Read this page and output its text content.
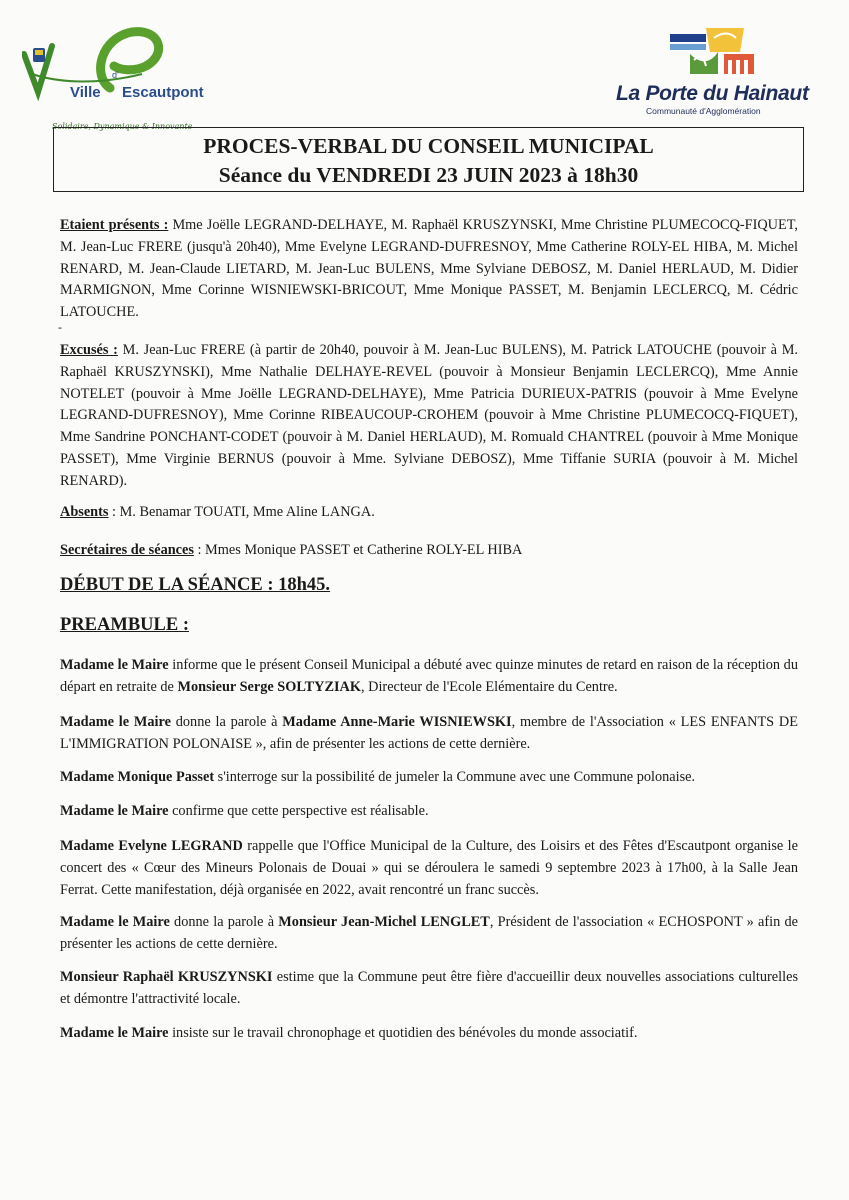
Ville
d'
Escautpont
Solidaire, Dynamique & Innovante
La Porte du Hainaut
Communauté d'Agglomération
PROCES-VERBAL DU CONSEIL MUNICIPAL
Séance du VENDREDI 23 JUIN 2023 à 18h30

Etaient présents : Mme Joëlle LEGRAND-DELHAYE, M. Raphaël KRUSZYNSKI, Mme Christine PLUMECOCQ-FIQUET, M. Jean-Luc FRERE (jusqu'à 20h40), Mme Evelyne LEGRAND-DUFRESNOY, Mme Catherine ROLY-EL HIBA, M. Michel RENARD, M. Jean-Claude LIETARD, M. Jean-Luc BULENS, Mme Sylviane DEBOSZ, M. Daniel HERLAUD, M. Didier MARMIGNON, Mme Corinne WISNIEWSKI-BRICOUT, Mme Monique PASSET, M. Benjamin LECLERCQ, M. Cédric LATOUCHE.

-

Excusés : M. Jean-Luc FRERE (à partir de 20h40, pouvoir à M. Jean-Luc BULENS), M. Patrick LATOUCHE (pouvoir à M. Raphaël KRUSZYNSKI), Mme Nathalie DELHAYE-REVEL (pouvoir à Monsieur Benjamin LECLERCQ), Mme Annie NOTELET (pouvoir à Mme Joëlle LEGRAND-DELHAYE), Mme Patricia DURIEUX-PATRIS (pouvoir à Mme Evelyne LEGRAND-DUFRESNOY), Mme Corinne RIBEAUCOUP-CROHEM (pouvoir à Mme Christine PLUMECOCQ-FIQUET), Mme Sandrine PONCHANT-CODET (pouvoir à M. Daniel HERLAUD), M. Romuald CHANTREL (pouvoir à Mme Monique PASSET), Mme Virginie BERNUS (pouvoir à Mme. Sylviane DEBOSZ), Mme Tiffanie SURIA (pouvoir à M. Michel RENARD).

Absents : M. Benamar TOUATI, Mme Aline LANGA.

Secrétaires de séances : Mmes Monique PASSET et Catherine ROLY-EL HIBA

DÉBUT DE LA SÉANCE : 18h45.
PREAMBULE :

Madame le Maire informe que le présent Conseil Municipal a débuté avec quinze minutes de retard en raison de la réception du départ en retraite de Monsieur Serge SOLTYZIAK, Directeur de l'Ecole Elémentaire du Centre.

Madame le Maire donne la parole à Madame Anne-Marie WISNIEWSKI, membre de l'Association « LES ENFANTS DE L'IMMIGRATION POLONAISE », afin de présenter les actions de cette dernière.

Madame Monique Passet s'interroge sur la possibilité de jumeler la Commune avec une Commune polonaise.

Madame le Maire confirme que cette perspective est réalisable.

Madame Evelyne LEGRAND rappelle que l'Office Municipal de la Culture, des Loisirs et des Fêtes d'Escautpont organise le concert des « Cœur des Mineurs Polonais de Douai » qui se déroulera le samedi 9 septembre 2023 à 17h00, à la Salle Jean Ferrat. Cette manifestation, déjà organisée en 2022, avait rencontré un franc succès.

Madame le Maire donne la parole à Monsieur Jean-Michel LENGLET, Président de l'association « ECHOSPONT » afin de présenter les actions de cette dernière.

Monsieur Raphaël KRUSZYNSKI estime que la Commune peut être fière d'accueillir deux nouvelles associations culturelles et démontre l'attractivité locale.

Madame le Maire insiste sur le travail chronophage et quotidien des bénévoles du monde associatif.
